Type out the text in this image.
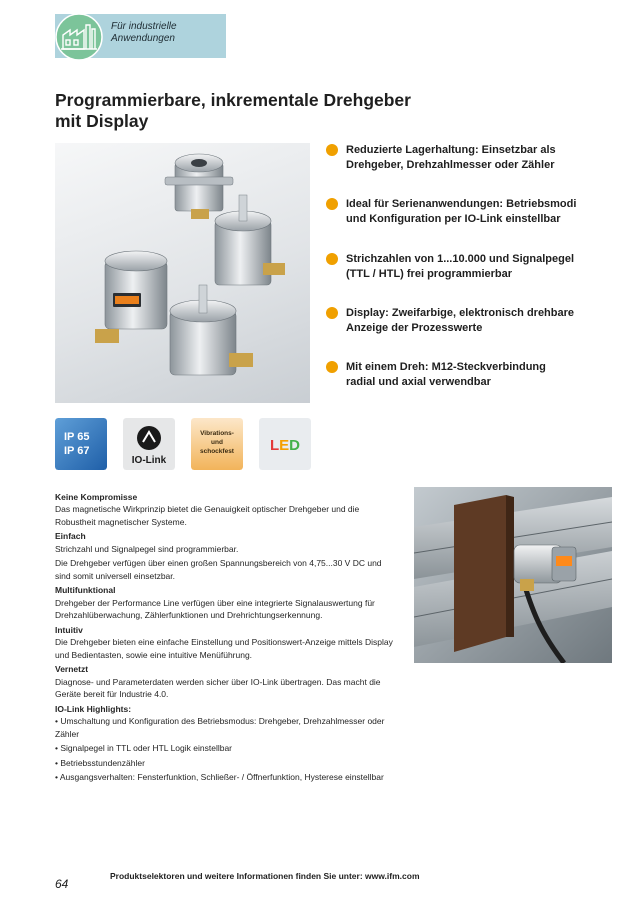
Für industrielle
Anwendungen
Programmierbare, inkrementale Drehgeber
mit Display
Reduzierte Lagerhaltung: Einsetzbar als
Drehgeber, Drehzahlmesser oder Zähler
Ideal für Serienanwendungen: Betriebsmodi
und Konfiguration per IO-Link einstellbar
Strichzahlen von 1...10.000 und Signalpegel
(TTL / HTL) frei programmierbar
Display: Zweifarbige, elektronisch drehbare
Anzeige der Prozesswerte
Mit einem Dreh: M12-Steckverbindung
radial und axial verwendbar
IP 65
IP 67
IO-Link
Vibrations-
und
schockfest LED
Keine Kompromisse

Das magnetische Wirkprinzip bietet die Genauigkeit optischer Drehgeber und die Robustheit magnetischer Systeme.

Einfach

Strichzahl und Signalpegel sind programmierbar.

Die Drehgeber verfügen über einen großen Spannungsbereich von 4,75...30 V DC und sind somit universell einsetzbar.

Multifunktional

Drehgeber der Performance Line verfügen über eine integrierte Signalauswertung für Drehzahlüberwachung, Zählerfunktionen und Drehrichtungserkennung.

Intuitiv

Die Drehgeber bieten eine einfache Einstellung und Positionswert-Anzeige mittels Display und Bedientasten, sowie eine intuitive Menüführung.

Vernetzt

Diagnose- und Parameterdaten werden sicher über IO-Link übertragen. Das macht die Geräte bereit für Industrie 4.0.

IO-Link Highlights:

• Umschaltung und Konfiguration des Betriebsmodus: Drehgeber, Drehzahlmesser oder Zähler

• Signalpegel in TTL oder HTL Logik einstellbar

• Betriebsstundenzähler

• Ausgangsverhalten: Fensterfunktion, Schließer- / Öffnerfunktion, Hysterese einstellbar

64
Produktselektoren und weitere Informationen finden Sie unter: www.ifm.com
